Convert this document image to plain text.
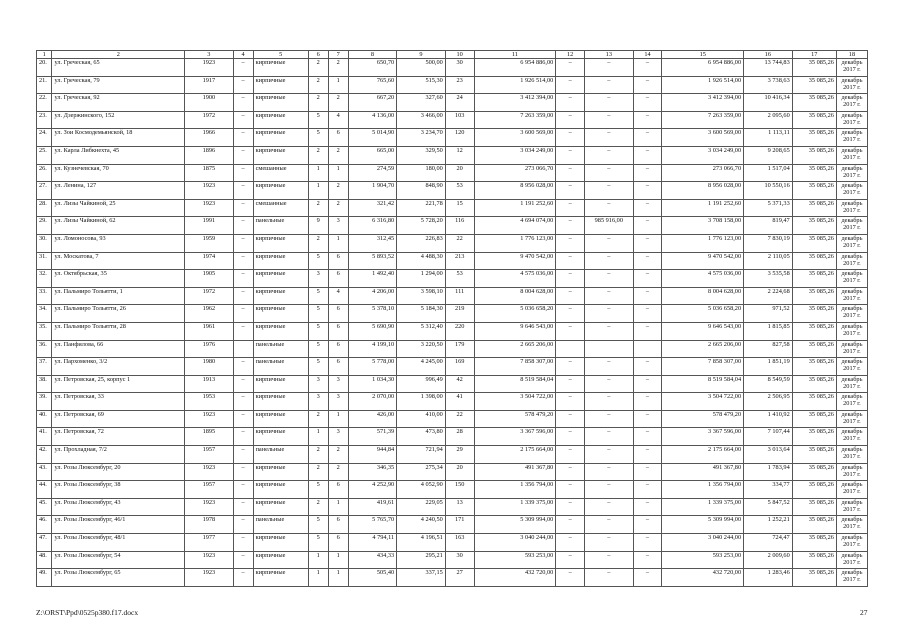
1	2	3	4	5	6	7	8	9	10	11	12	13	14	15	16	17	18
20.	ул. Греческая, 65	1923	–	кирпичные	2	2	650,70	500,00	30	6 954 886,00	–	–	–	6 954 886,00	13 744,83	35 085,26	декабрь 2017 г.
21.	ул. Греческая, 79	1917	–	кирпичные	2	1	765,60	515,30	23	1 926 514,00	–	–	–	1 926 514,00	3 738,63	35 085,26	декабрь 2017 г.
22.	ул. Греческая, 92	1900	–	кирпичные	2	2	667,20	327,60	24	3 412 394,00	–	–	–	3 412 394,00	10 416,34	35 085,26	декабрь 2017 г.
23.	ул. Дзержинского, 152	1972	–	кирпичные	5	4	4 136,00	3 466,00	103	7 263 359,00	–	–	–	7 263 359,00	2 095,60	35 085,26	декабрь 2017 г.
24.	ул. Зои Космодемьянской, 18	1966	–	кирпичные	5	6	5 014,90	3 234,70	120	3 600 569,00	–	–	–	3 600 569,00	1 113,11	35 085,26	декабрь 2017 г.
25.	ул. Карла Либкнехта, 45	1896	–	кирпичные	2	2	665,00	329,50	12	3 034 249,00	–	–	–	3 034 249,00	9 208,65	35 085,26	декабрь 2017 г.
26.	ул. Кузнечевская, 70	1875	–	смешанные	1	1	274,59	180,00	20	273 066,70	–	–	–	273 066,70	1 517,04	35 085,26	декабрь 2017 г.
27.	ул. Ленина, 127	1923	–	кирпичные	1	2	1 904,70	848,90	53	8 956 028,00	–	–	–	8 956 028,00	10 550,16	35 085,26	декабрь 2017 г.
28.	ул. Лизы Чайкиной, 25	1923	–	смешанные	2	2	321,42	221,78	15	1 191 252,60	–	–	–	1 191 252,60	5 371,33	35 085,26	декабрь 2017 г.
29.	ул. Лизы Чайкиной, 62	1991	–	панельные	9	3	6 316,80	5 728,20	116	4 694 074,00	–	985 916,00	–	3 708 158,00	819,47	35 085,26	декабрь 2017 г.
30.	ул. Ломоносова, 93	1959	–	кирпичные	2	1	312,45	226,83	22	1 776 123,00	–	–	–	1 776 123,00	7 830,19	35 085,26	декабрь 2017 г.
31.	ул. Москатова, 7	1974	–	кирпичные	5	6	5 893,52	4 488,30	213	9 470 542,00	–	–	–	9 470 542,00	2 110,05	35 085,26	декабрь 2017 г.
32.	ул. Октябрьская, 35	1905	–	кирпичные	3	6	1 492,40	1 294,00	53	4 575 036,00	–	–	–	4 575 036,00	3 535,58	35 085,26	декабрь 2017 г.
33.	ул. Пальмиро Тольятти, 1	1972	–	кирпичные	5	4	4 206,00	3 598,10	111	8 004 628,00	–	–	–	8 004 628,00	2 224,68	35 085,26	декабрь 2017 г.
34.	ул. Пальмиро Тольятти, 26	1962	–	кирпичные	5	6	5 378,10	5 184,30	219	5 036 658,20	–	–	–	5 036 658,20	971,52	35 085,26	декабрь 2017 г.
35.	ул. Пальмиро Тольятти, 28	1961	–	кирпичные	5	6	5 690,90	5 312,40	220	9 646 543,00	–	–	–	9 646 543,00	1 815,85	35 085,26	декабрь 2017 г.
36.	ул. Панфилова, 66	1976		панельные	5	6	4 199,10	3 220,50	179	2 665 206,00				2 665 206,00	827,58	35 085,26	декабрь 2017 г.
37.	ул. Пархоменко, 3/2	1980	–	панельные	5	6	5 778,00	4 245,00	169	7 858 307,00	–	–	–	7 858 307,00	1 851,19	35 085,26	декабрь 2017 г.
38.	ул. Петровская, 25, корпус 1	1913	–	кирпичные	3	3	1 034,30	996,49	42	8 519 584,04	–	–	–	8 519 584,04	8 549,59	35 085,26	декабрь 2017 г.
39.	ул. Петровская, 33	1953	–	кирпичные	3	3	2 070,00	1 398,00	41	3 504 722,00	–	–	–	3 504 722,00	2 506,95	35 085,26	декабрь 2017 г.
40.	ул. Петровская, 69	1923	–	кирпичные	2	1	426,00	410,00	22	578 479,20	–	–	–	578 479,20	1 410,92	35 085,26	декабрь 2017 г.
41.	ул. Петровская, 72	1895	–	кирпичные	1	3	571,39	473,80	28	3 367 596,00	–	–	–	3 367 596,00	7 107,44	35 085,26	декабрь 2017 г.
42.	ул. Прохладная, 7/2	1957	–	панельные	2	2	944,84	721,94	29	2 175 664,00	–	–	–	2 175 664,00	3 013,64	35 085,26	декабрь 2017 г.
43.	ул. Розы Люксембург, 20	1923	–	кирпичные	2	2	346,35	275,34	20	491 367,80	–	–	–	491 367,80	1 783,94	35 085,26	декабрь 2017 г.
44.	ул. Розы Люксембург, 38	1957	–	кирпичные	5	6	4 252,90	4 052,90	150	1 356 794,00	–	–	–	1 356 794,00	334,77	35 085,26	декабрь 2017 г.
45.	ул. Розы Люксембург, 43	1923	–	кирпичные	2	1	419,61	229,05	13	1 339 375,00	–	–	–	1 339 375,00	5 847,52	35 085,26	декабрь 2017 г.
46.	ул. Розы Люксембург, 46/1	1978	–	панельные	5	6	5 765,70	4 240,50	171	5 309 994,00	–	–	–	5 309 994,00	1 252,21	35 085,26	декабрь 2017 г.
47.	ул. Розы Люксембург, 48/1	1977	–	кирпичные	5	6	4 794,11	4 196,51	163	3 040 244,00	–	–	–	3 040 244,00	724,47	35 085,26	декабрь 2017 г.
48.	ул. Розы Люксембург, 54	1923	–	кирпичные	1	1	434,33	295,21	30	593 253,00	–	–	–	593 253,00	2 009,60	35 085,26	декабрь 2017 г.
49.	ул. Розы Люксембург, 65	1923	–	кирпичные	1	1	505,40	337,15	27	432 720,00	–	–	–	432 720,00	1 283,46	35 085,26	декабрь 2017 г.
Z:\ORST\Ppd\0525p380.f17.docx	27
